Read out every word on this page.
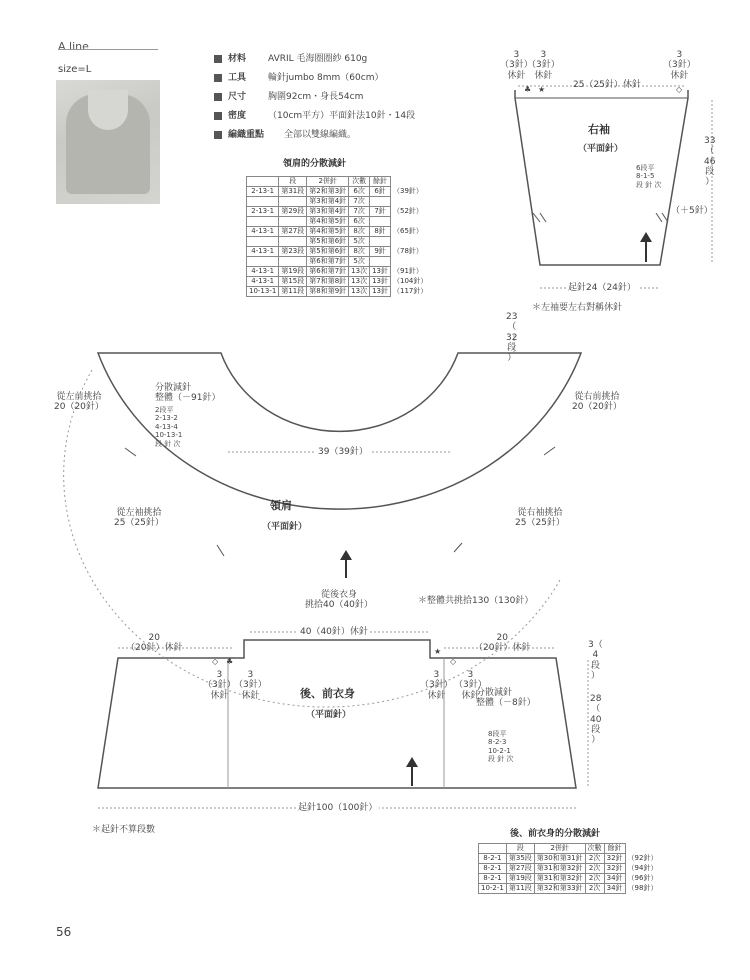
A line
size=L
材料	AVRIL 毛海圈圈紗 610g
工具	輪針jumbo 8mm（60cm）
尺寸	胸圍92cm・身長54cm
密度	（10cm平方）平面針法10針・14段
編織重點	全部以雙線編織。
領肩的分散減針
	段	2併針	次數	餘針	
2-13-1	第31段	第2和第3針	6次	6針	（39針）
		第3和第4針	7次		
2-13-1	第29段	第3和第4針	7次	7針	（52針）
		第4和第5針	6次		
4-13-1	第27段	第4和第5針	8次	8針	（65針）
		第5和第6針	5次		
4-13-1	第23段	第5和第6針	8次	9針	（78針）
		第6和第7針	5次		
4-13-1	第19段	第6和第7針	13次	13針	（91針）
4-13-1	第15段	第7和第8針	13次	13針	（104針）
10-13-1	第11段	第8和第9針	13次	13針	（117針）
♣ ★	◇
♣
◇
★
◇
3
（3針）
休針
3
（3針）
休針
3
（3針）
休針
25（25針）休針
右袖
（平面針）
6段平
8-1-5
段 針 次
33
（
46
段
）
（＋5針）
起針24（24針）
＊左袖要左右對稱休針
23
（
32
段
）
從左前挑拾
20（20針）
從右前挑拾
20（20針）
分散減針
整體（－91針）
2段平
2-13-2
4-13-4
10-13-1
段 針 次
39（39針）
從左袖挑拾
25（25針）
從右袖挑拾
25（25針）
領肩
（平面針）
從後衣身
挑拾40（40針）	＊整體共挑拾130（130針）
20
（20針）休針
40（40針）休針
20
（20針）休針
3
（3針）
休針
3
（3針）
休針
3
（3針）
休針
3
（3針）
休針
3（
4
段
）
28
（
40
段
）
後、前衣身
（平面針）
分散減針
整體（－8針）
8段平
8-2-3
10-2-1
段 針 次
起針100（100針）
＊起針不算段數	後、前衣身的分散減針
	段	2併針	次數	餘針	
8-2-1	第35段	第30和第31針	2次	32針	（92針）
8-2-1	第27段	第31和第32針	2次	32針	（94針）
8-2-1	第19段	第31和第32針	2次	34針	（96針）
10-2-1	第11段	第32和第33針	2次	34針	（98針）
56
